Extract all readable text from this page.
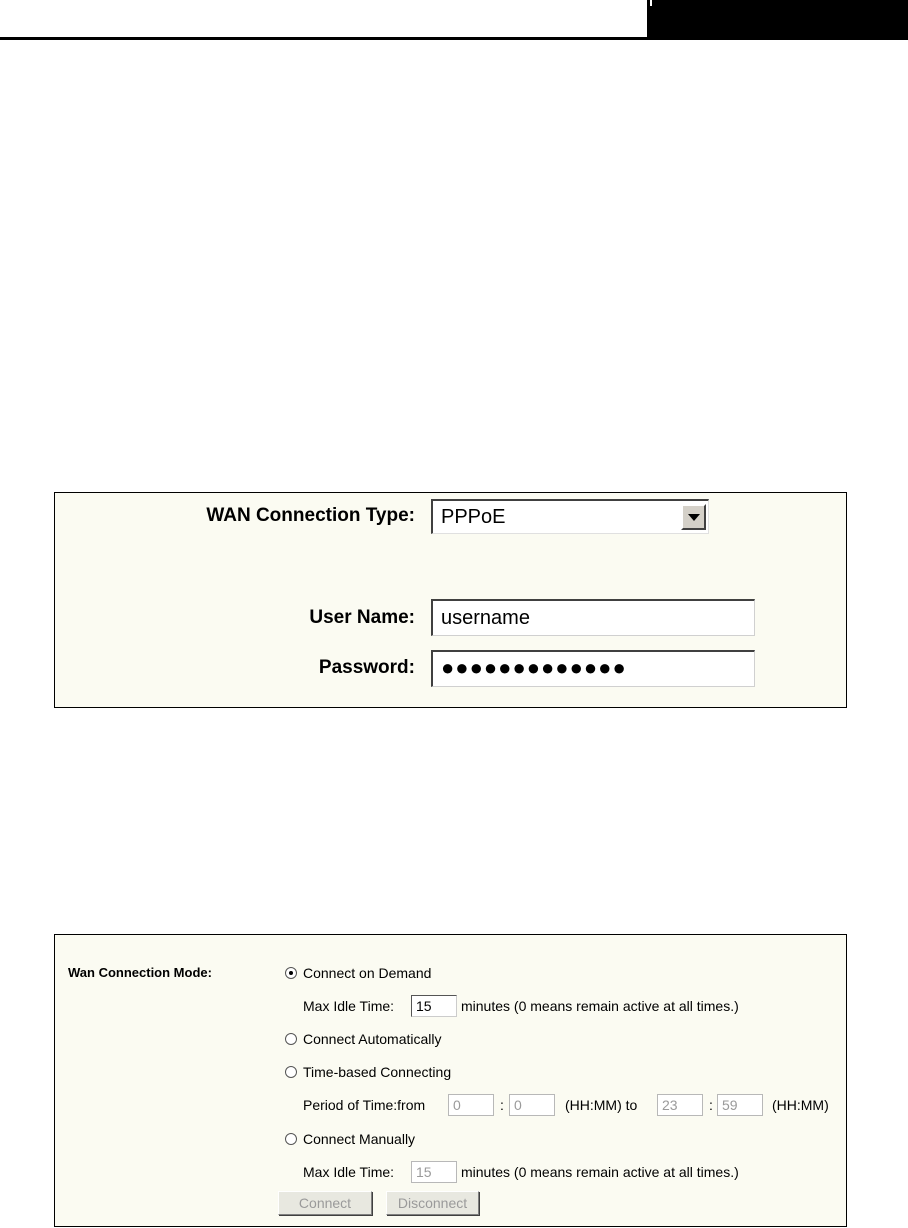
WAN Connection Type: PPPoE
User Name: username
Password: ●●●●●●●●●●●●●
Wan Connection Mode:	Connect on Demand
Max Idle Time:	15	minutes (0 means remain active at all times.)
Connect Automatically
Time-based Connecting
Period of Time:from	0	: 0	(HH:MM) to	23	: 59	(HH:MM)
Connect Manually
Max Idle Time:	15	minutes (0 means remain active at all times.)
Connect	Disconnect
